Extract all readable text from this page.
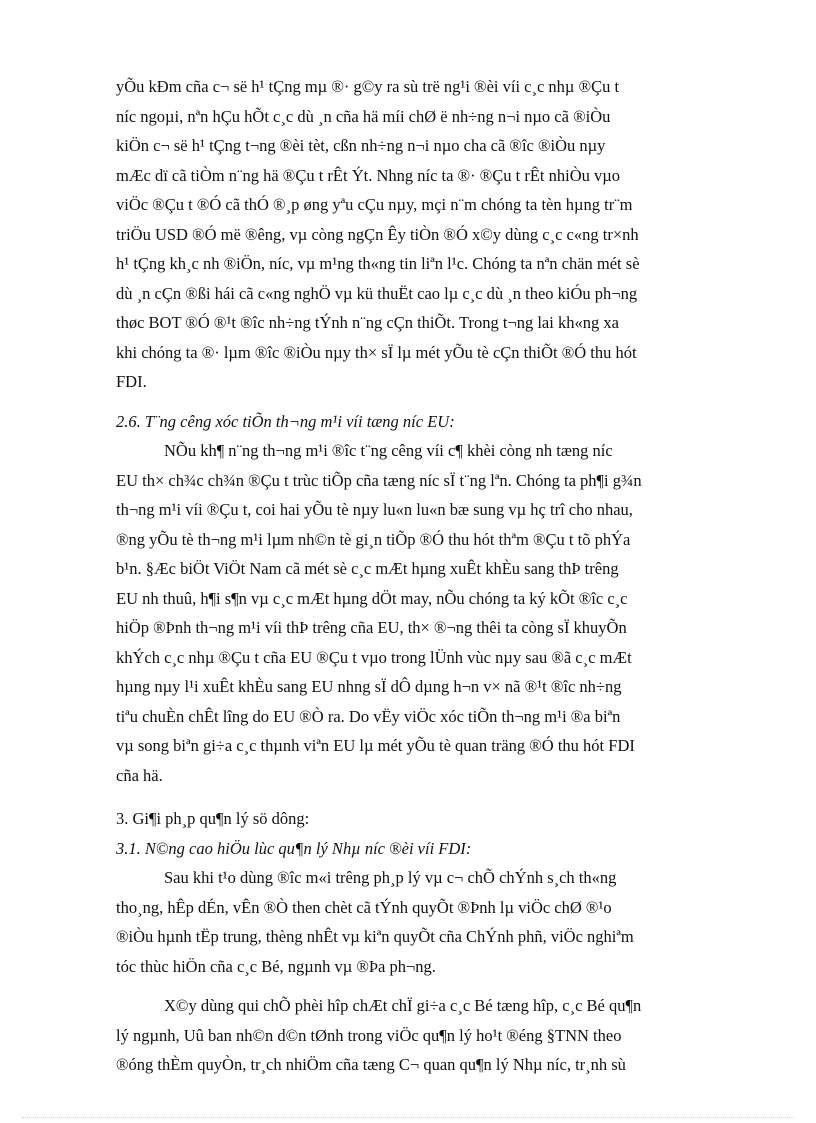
yÕu kÐm cña c¬ së h¹ tÇng mµ ®· g©y ra sù trë ng¹i ®èi víi c¸c nhµ ®Çu t
níc ngoµi, nªn hÇu hÕt c¸c dù ¸n cña hä míi chØ ë nh÷ng n¬i nµo cã ®iÒu
kiÖn c¬ së h¹ tÇng t¬ng ®èi tèt, cßn nh÷ng n¬i nµo cha cã ®îc ®iÒu nµy
mÆc dï cã tiÒm n¨ng hä ®Çu t rÊt Ýt. Nhng níc ta ®· ®Çu t rÊt nhiÒu vµo
viÖc ®Çu t ®Ó cã thÓ ®¸p øng yªu cÇu nµy, mçi n¨m chóng ta tèn hµng tr¨m
triÖu USD ®Ó më ®êng, vµ còng ngÇn Êy tiÒn ®Ó x©y dùng c¸c c«ng tr×nh
h¹ tÇng kh¸c nh ®iÖn, níc, vµ m¹ng th«ng tin liªn l¹c. Chóng ta nªn chän mét sè
dù ¸n cÇn ®ßi hái cã c«ng nghÖ vµ kü thuËt cao lµ c¸c dù ¸n theo kiÓu ph¬ng
thøc BOT ®Ó ®¹t ®îc nh÷ng tÝnh n¨ng cÇn thiÕt. Trong t¬ng lai kh«ng xa
khi chóng ta ®· lµm ®îc ®iÒu nµy th× sÏ lµ mét yÕu tè cÇn thiÕt ®Ó thu hót
FDI.

2.6. T¨ng cêng xóc tiÕn th¬ng m¹i víi tæng níc EU:

NÕu kh¶ n¨ng th¬ng m¹i ®îc t¨ng cêng víi c¶ khèi còng nh tæng níc
EU th× ch¾c ch¾n ®Çu t trùc tiÕp cña tæng níc sÏ t¨ng lªn. Chóng ta ph¶i g¾n
th¬ng m¹i víi ®Çu t, coi hai yÕu tè nµy lu«n lu«n bæ sung vµ hç trî cho nhau,
®ng yÕu tè th¬ng m¹i lµm nh©n tè gi¸n tiÕp ®Ó thu hót thªm ®Çu t tõ phÝa
b¹n. §Æc biÖt ViÖt Nam cã mét sè c¸c mÆt hµng xuÊt khÈu sang thÞ trêng
EU nh thuû, h¶i s¶n vµ c¸c mÆt hµng dÖt may, nÕu chóng ta ký kÕt ®îc c¸c
hiÖp ®Þnh th¬ng m¹i víi thÞ trêng cña EU, th× ®¬ng thêi ta còng sÏ khuyÕn
khÝch c¸c nhµ ®Çu t cña EU ®Çu t vµo trong lÜnh vùc nµy sau ®ã c¸c mÆt
hµng nµy l¹i xuÊt khÈu sang EU nhng sÏ dÔ dµng h¬n v× nã ®¹t ®îc nh÷ng
tiªu chuÈn chÊt lîng do EU ®Ò ra. Do vËy viÖc xóc tiÕn th¬ng m¹i ®a biªn
vµ song biªn gi÷a c¸c thµnh viªn EU lµ mét yÕu tè quan träng ®Ó thu hót FDI
cña hä.

3. Gi¶i ph¸p qu¶n lý sö dông:

3.1. N©ng cao hiÖu lùc qu¶n lý Nhµ níc ®èi víi FDI:

Sau khi t¹o dùng ®îc m«i trêng ph¸p lý vµ c¬ chÕ chÝnh s¸ch th«ng
tho¸ng, hÊp dÉn, vÊn ®Ò then chèt cã tÝnh quyÕt ®Þnh lµ viÖc chØ ®¹o
®iÒu hµnh tËp trung, thèng nhÊt vµ kiªn quyÕt cña ChÝnh phñ, viÖc nghiªm
tóc thùc hiÖn cña c¸c Bé, ngµnh vµ ®Þa ph¬ng.
X©y dùng qui chÕ phèi hîp chÆt chÏ gi÷a c¸c Bé tæng hîp, c¸c Bé qu¶n
lý ngµnh, Uû ban nh©n d©n tØnh trong viÖc qu¶n lý ho¹t ®éng §TNN theo
®óng thÈm quyÒn, tr¸ch nhiÖm cña tæng C¬ quan qu¶n lý Nhµ níc, tr¸nh sù
